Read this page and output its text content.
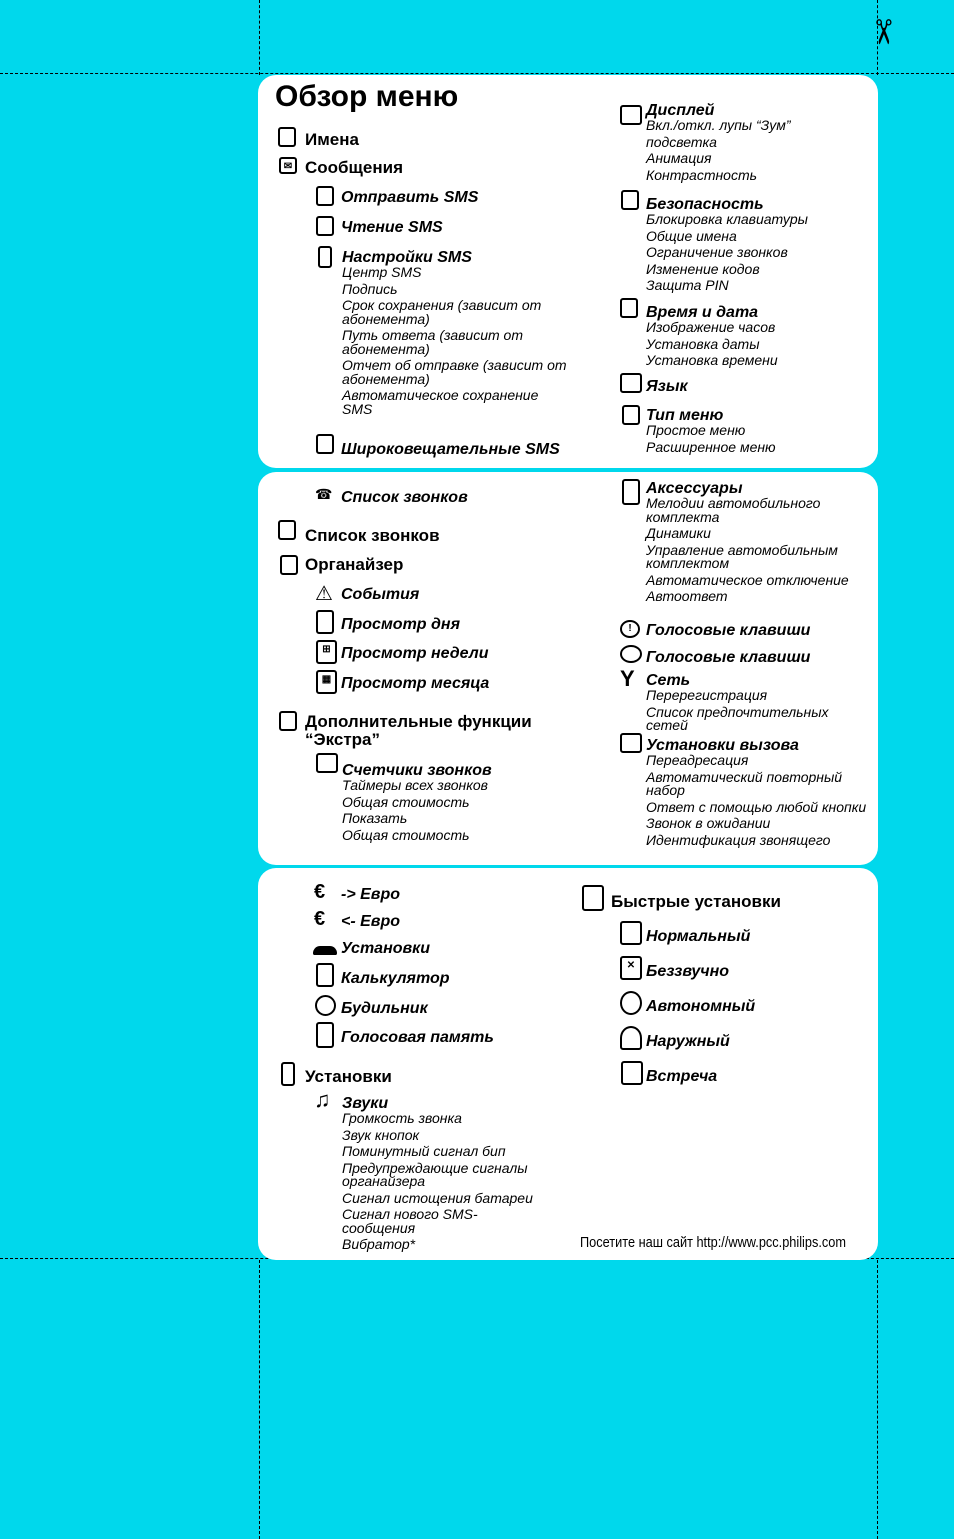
✂
Обзор меню
Имена
✉ Сообщения
Отправить SMS
Чтение SMS
Настройки SMS
Центр SMS
Подпись
Срок сохранения (зависит от абонемента)
Путь ответа (зависит от абонемента)
Отчет об отправке (зависит от абонемента)
Автоматическое сохранение SMS
Широковещательные SMS
Дисплей
Вкл./откл. лупы “Зум”
подсветка
Анимация
Контрастность
Безопасность
Блокировка клавиатуры
Общие имена
Ограничение звонков
Изменение кодов
Защита PIN
Время и дата
Изображение часов
Установка даты
Установка времени
Язык
Тип меню
Простое меню
Расширенное меню
☎ Список звонков
Список звонков
Органайзер
⚠ События
Просмотр дня
⊞ Просмотр недели
▦ Просмотр месяца
Дополнительные функции “Экстра”
Счетчики звонков
Таймеры всех звонков
Общая стоимость
Показать
Общая стоимость
Аксессуары
Мелодии автомобильного комплекта
Динамики
Управление автомобильным комплектом
Автоматическое отключение
Автоответ
! Голосовые клавиши
Голосовые клавиши
Y Сеть
Перерегистрация
Список предпочтительных сетей
Установки вызова
Переадресация
Автоматический повторный набор
Ответ с помощью любой кнопки
Звонок в ожидании
Идентификация звонящего
€ -> Евро
€ <- Евро
Установки
Калькулятор
Будильник
Голосовая память
Установки
♫ Звуки
Громкость звонка
Звук кнопок
Поминутный сигнал бип
Предупреждающие сигналы органайзера
Сигнал истощения батареи
Сигнал нового SMS-сообщения
Вибратор*
Быстрые установки
Нормальный
✕ Беззвучно
Автономный
Наружный
Встреча
Посетите наш сайт http://www.pcc.philips.com
